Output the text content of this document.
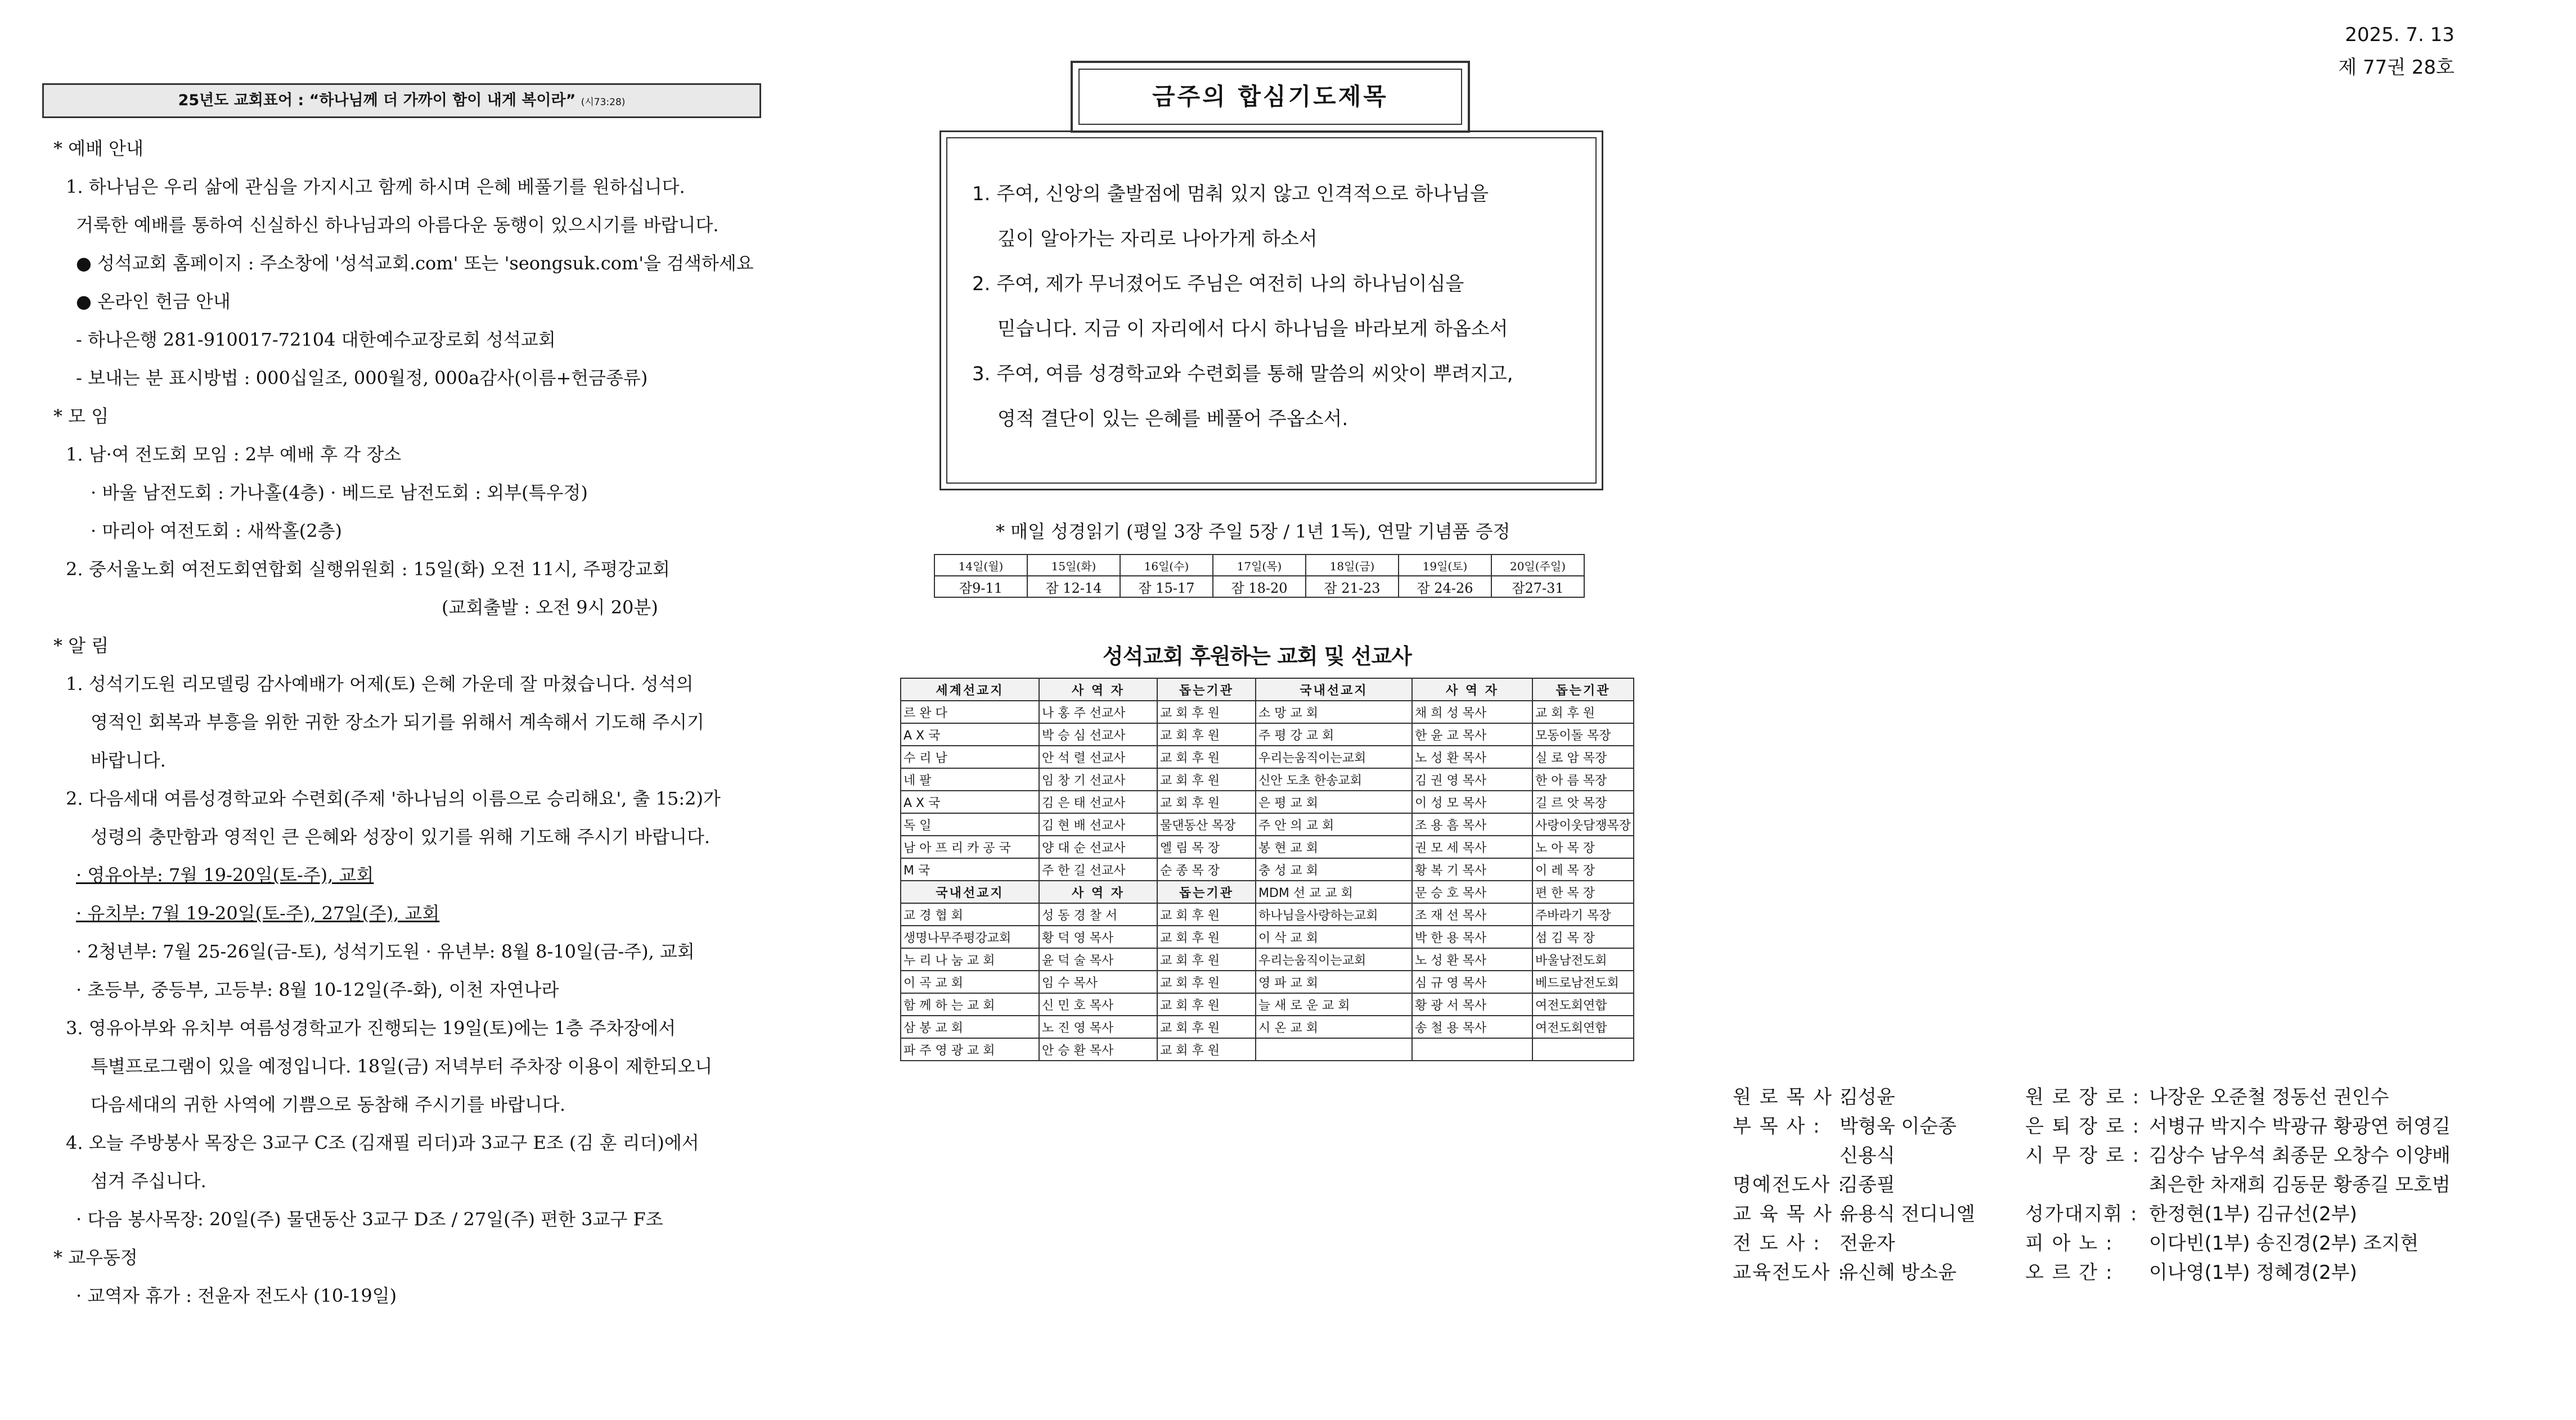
2025. 7. 13
제 77권 28호
25년도 교회표어 : “하나님께 더 가까이 함이 내게 복이라” (시73:28)
* 예배 안내
1. 하나님은 우리 삶에 관심을 가지시고 함께 하시며 은혜 베풀기를 원하십니다.
거룩한 예배를 통하여 신실하신 하나님과의 아름다운 동행이 있으시기를 바랍니다.
● 성석교회 홈페이지 : 주소창에 '성석교회.com' 또는 'seongsuk.com'을 검색하세요
● 온라인 헌금 안내
- 하나은행 281-910017-72104 대한예수교장로회 성석교회
- 보내는 분 표시방법 : 000십일조, 000월정, 000a감사(이름+헌금종류)
* 모 임
1. 남·여 전도회 모임 : 2부 예배 후 각 장소
· 바울 남전도회 : 가나홀(4층) · 베드로 남전도회 : 외부(특우정)
· 마리아 여전도회 : 새싹홀(2층)
2. 중서울노회 여전도회연합회 실행위원회 : 15일(화) 오전 11시, 주평강교회
(교회출발 : 오전 9시 20분)
* 알 림
1. 성석기도원 리모델링 감사예배가 어제(토) 은혜 가운데 잘 마쳤습니다. 성석의
영적인 회복과 부흥을 위한 귀한 장소가 되기를 위해서 계속해서 기도해 주시기
바랍니다.
2. 다음세대 여름성경학교와 수련회(주제 '하나님의 이름으로 승리해요', 출 15:2)가
성령의 충만함과 영적인 큰 은혜와 성장이 있기를 위해 기도해 주시기 바랍니다.
· 영유아부: 7월 19-20일(토-주), 교회
· 유치부: 7월 19-20일(토-주), 27일(주), 교회
· 2청년부: 7월 25-26일(금-토), 성석기도원 · 유년부: 8월 8-10일(금-주), 교회
· 초등부, 중등부, 고등부: 8월 10-12일(주-화), 이천 자연나라
3. 영유아부와 유치부 여름성경학교가 진행되는 19일(토)에는 1층 주차장에서
특별프로그램이 있을 예정입니다. 18일(금) 저녁부터 주차장 이용이 제한되오니
다음세대의 귀한 사역에 기쁨으로 동참해 주시기를 바랍니다.
4. 오늘 주방봉사 목장은 3교구 C조 (김재필 리더)과 3교구 E조 (김 훈 리더)에서
섬겨 주십니다.
· 다음 봉사목장: 20일(주) 물댄동산 3교구 D조 / 27일(주) 편한 3교구 F조
* 교우동정
· 교역자 휴가 : 전윤자 전도사 (10-19일)
금주의 합심기도제목
1. 주여, 신앙의 출발점에 멈춰 있지 않고 인격적으로 하나님을
깊이 알아가는 자리로 나아가게 하소서
2. 주여, 제가 무너졌어도 주님은 여전히 나의 하나님이심을
믿습니다. 지금 이 자리에서 다시 하나님을 바라보게 하옵소서
3. 주여, 여름 성경학교와 수련회를 통해 말씀의 씨앗이 뿌려지고,
영적 결단이 있는 은혜를 베풀어 주옵소서.
* 매일 성경읽기 (평일 3장 주일 5장 / 1년 1독), 연말 기념품 증정
14일(월)	15일(화)	16일(수)	17일(목)	18일(금)	19일(토)	20일(주일)
잠9-11	잠 12-14	잠 15-17	잠 18-20	잠 21-23	잠 24-26	잠27-31
성석교회 후원하는 교회 및 선교사
세계선교지	사 역 자	돕는기관	국내선교지	사 역 자	돕는기관
르 완 다	나 홍 주 선교사	교 회 후 원	소 망 교 회	채 희 성 목사	교 회 후 원
A X 국	박 승 심 선교사	교 회 후 원	주 평 강 교 회	한 윤 교 목사	모동이돌 목장
수 리 남	안 석 렬 선교사	교 회 후 원	우리는움직이는교회	노 성 환 목사	실 로 암 목장
네 팔	임 창 기 선교사	교 회 후 원	신안 도초 한송교회	김 권 영 목사	한 아 름 목장
A X 국	김 은 태 선교사	교 회 후 원	은 평 교 회	이 성 모 목사	길 르 앗 목장
독 일	김 현 배 선교사	물댄동산 목장	주 안 의 교 회	조 용 흠 목사	사랑이웃담쟁목장
남 아 프 리 카 공 국	양 대 순 선교사	엘 림 목 장	봉 현 교 회	권 모 세 목사	노 아 목 장
M 국	주 한 길 선교사	순 종 목 장	충 성 교 회	황 복 기 목사	이 레 목 장
국내선교지	사 역 자	돕는기관	MDM 선 교 교 회	문 승 호 목사	편 한 목 장
교 경 협 회	성 동 경 찰 서	교 회 후 원	하나님을사랑하는교회	조 재 선 목사	주바라기 목장
생명나무주평강교회	황 덕 영 목사	교 회 후 원	이 삭 교 회	박 한 용 목사	섬 김 목 장
누 리 나 눔 교 회	윤 덕 술 목사	교 회 후 원	우리는움직이는교회	노 성 환 목사	바울남전도회
이 곡 교 회	임 수 목사	교 회 후 원	영 파 교 회	심 규 영 목사	베드로남전도회
함 께 하 는 교 회	신 민 호 목사	교 회 후 원	늘 새 로 운 교 회	황 광 서 목사	여전도회연합
삼 봉 교 회	노 진 영 목사	교 회 후 원	시 온 교 회	송 철 용 목사	여전도회연합
파 주 영 광 교 회	안 승 환 목사	교 회 후 원			
원 로 목 사 :
김성윤
부 목 사 : 박형욱 이순종
신용식
명예전도사 :
김종필
교 육 목 사 :
유용식 전디니엘
전 도 사 : 전윤자
교육전도사 :
유신혜 방소윤
원 로 장 로 : 나장운 오준철 정동선 권인수
은 퇴 장 로 : 서병규 박지수 박광규 황광연 허영길
시 무 장 로 : 김상수 남우석 최종문 오창수 이양배
최은한 차재희 김동문 황종길 모호범
성가대지휘 : 한정현(1부) 김규선(2부)
피 아 노 :	이다빈(1부) 송진경(2부) 조지현
오 르 간 :	이나영(1부) 정혜경(2부)
